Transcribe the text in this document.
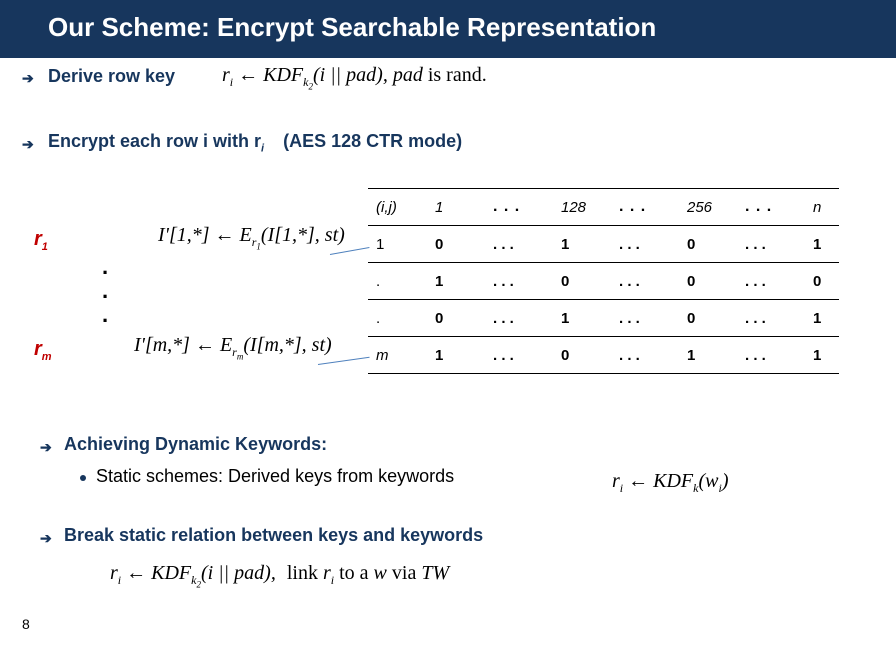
Our Scheme: Encrypt Searchable Representation
➔ Derive row key $r_i$ ← $KDF_{k_2}(i$ || pad), pad is rand.
➔ Encrypt each row i with $r_i$ (AES 128 CTR mode)
$r_1$
.
.
.
$r_m$
I'[1,*] ← $E_{r_1}(I[1,*]$, st)
I'[m,*] ← $E_{r_m}(I[m,*]$, st)
(i,j)	1	. . .	128	. . .	256	. . .	n
1	0	. . .	1	. . .	0	. . .	1
.	1	. . .	0	. . .	0	. . .	0
.	0	. . .	1	. . .	0	. . .	1
m	1	. . .	0	. . .	1	. . .	1
➔ Achieving Dynamic Keywords:
Static schemes: Derived keys from keywords	$r_i$ ← $KDF_k(w_i)$
➔ Break static relation between keys and keywords
$r_i$ ← $KDF_{k_2}(i$ || pad), link $r_i$ to a w via TW
8
